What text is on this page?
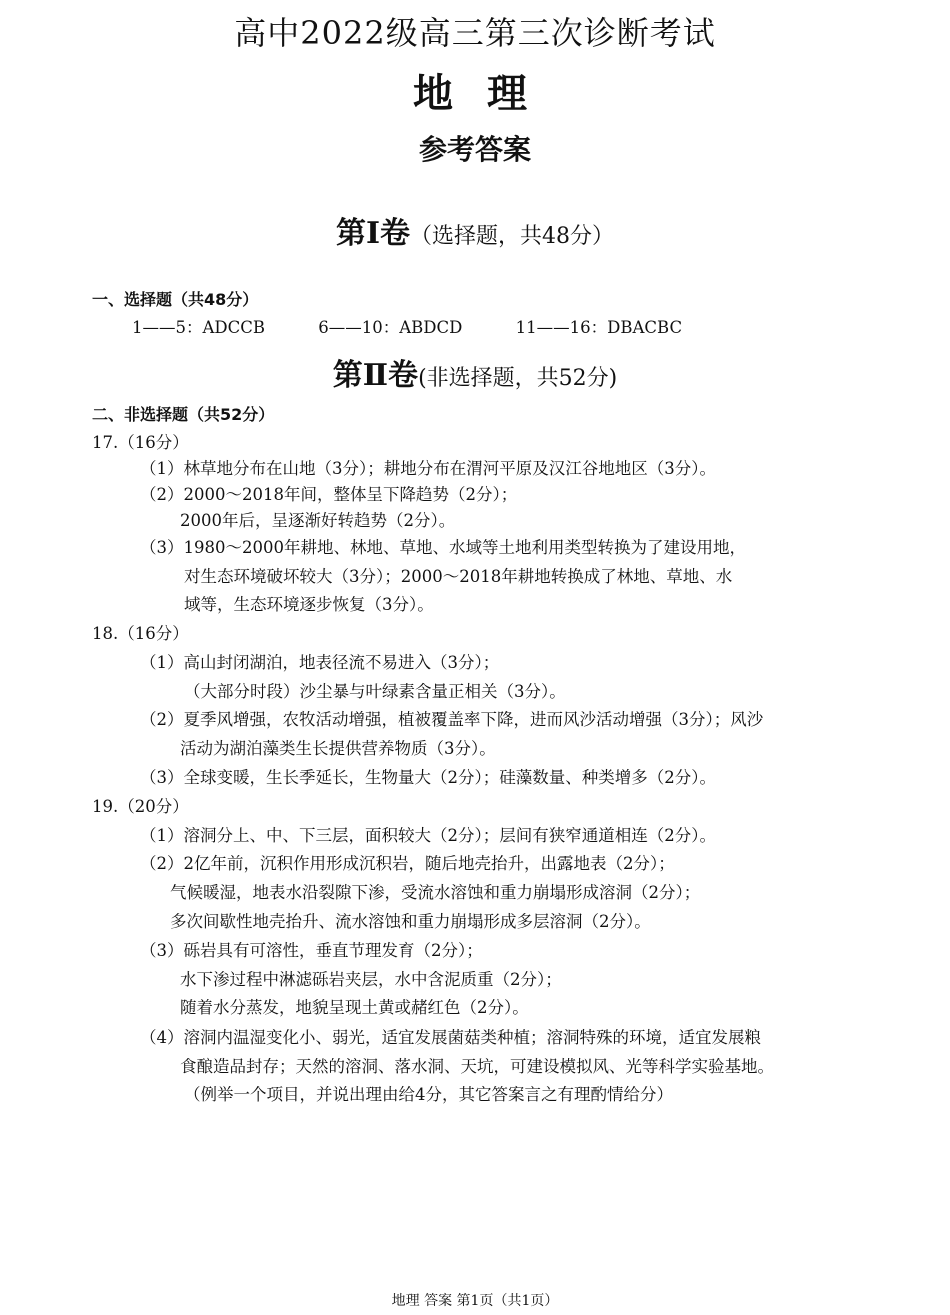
高中2022级高三第三次诊断考试
地 理
参考答案
第Ⅰ卷（选择题，共48分）
一、选择题（共48分）
1——5：ADCCB	6——10：ABDCD	11——16：DBACBC
第Ⅱ卷(非选择题，共52分)
二、非选择题（共52分）
17.（16分）
（1）林草地分布在山地（3分）；耕地分布在渭河平原及汉江谷地地区（3分）。
（2）2000～2018年间，整体呈下降趋势（2分）；
2000年后，呈逐渐好转趋势（2分）。
（3）1980～2000年耕地、林地、草地、水域等土地利用类型转换为了建设用地，
对生态环境破坏较大（3分）；2000～2018年耕地转换成了林地、草地、水
域等，生态环境逐步恢复（3分）。
18.（16分）
（1）高山封闭湖泊，地表径流不易进入（3分）；
（大部分时段）沙尘暴与叶绿素含量正相关（3分）。
（2）夏季风增强，农牧活动增强，植被覆盖率下降，进而风沙活动增强（3分）；风沙
活动为湖泊藻类生长提供营养物质（3分）。
（3）全球变暖，生长季延长，生物量大（2分）；硅藻数量、种类增多（2分）。
19.（20分）
（1）溶洞分上、中、下三层，面积较大（2分）；层间有狭窄通道相连（2分）。
（2）2亿年前，沉积作用形成沉积岩，随后地壳抬升，出露地表（2分）；
气候暖湿，地表水沿裂隙下渗，受流水溶蚀和重力崩塌形成溶洞（2分）；
多次间歇性地壳抬升、流水溶蚀和重力崩塌形成多层溶洞（2分）。
（3）砾岩具有可溶性，垂直节理发育（2分）；
水下渗过程中淋滤砾岩夹层，水中含泥质重（2分）；
随着水分蒸发，地貌呈现土黄或赭红色（2分）。
（4）溶洞内温湿变化小、弱光，适宜发展菌菇类种植；溶洞特殊的环境，适宜发展粮
食酿造品封存；天然的溶洞、落水洞、天坑，可建设模拟风、光等科学实验基地。
（例举一个项目，并说出理由给4分，其它答案言之有理酌情给分）
地理 答案 第1页（共1页）
